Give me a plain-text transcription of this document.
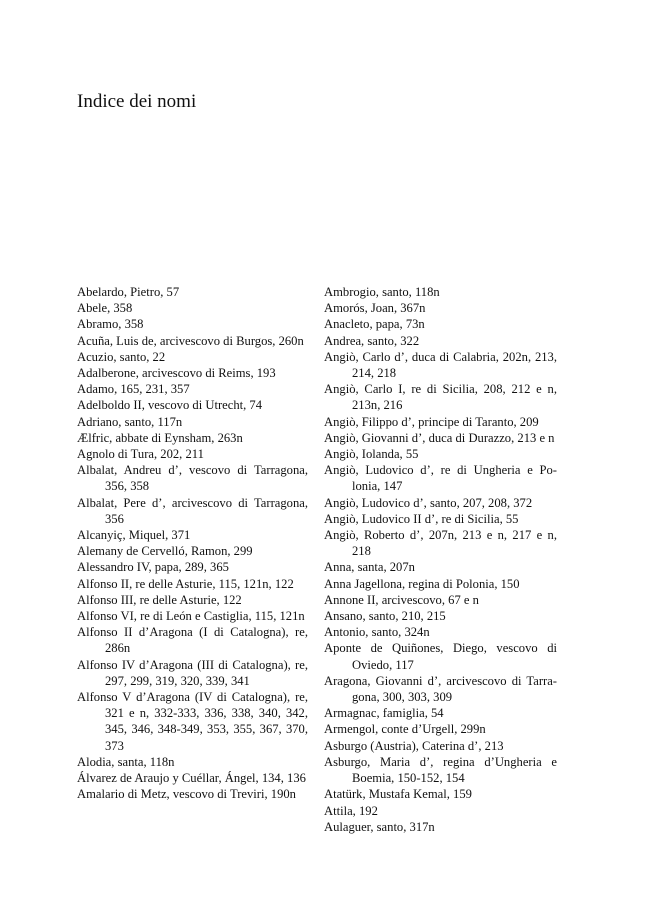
Indice dei nomi

Abelardo, Pietro, 57

Abele, 358

Abramo, 358

Acuña, Luis de, arcivescovo di Burgos, 260n

Acuzio, santo, 22

Adalberone, arcivescovo di Reims, 193

Adamo, 165, 231, 357

Adelboldo II, vescovo di Utrecht, 74

Adriano, santo, 117n

Ælfric, abbate di Eynsham, 263n

Agnolo di Tura, 202, 211

Albalat, Andreu d’, vescovo di Tarragona, 356, 358

Albalat, Pere d’, arcivescovo di Tarragona, 356

Alcanyiç, Miquel, 371

Alemany de Cervelló, Ramon, 299

Alessandro IV, papa, 289, 365

Alfonso II, re delle Asturie, 115, 121n, 122

Alfonso III, re delle Asturie, 122

Alfonso VI, re di León e Castiglia, 115, 121n

Alfonso II d’Aragona (I di Catalogna), re, 286n

Alfonso IV d’Aragona (III di Catalogna), re, 297, 299, 319, 320, 339, 341

Alfonso V d’Aragona (IV di Catalogna), re, 321 e n, 332-333, 336, 338, 340, 342, 345, 346, 348-349, 353, 355, 367, 370, 373

Alodia, santa, 118n

Álvarez de Araujo y Cuéllar, Ángel, 134, 136

Amalario di Metz, vescovo di Treviri, 190n

Ambrogio, santo, 118n

Amorós, Joan, 367n

Anacleto, papa, 73n

Andrea, santo, 322

Angiò, Carlo d’, duca di Calabria, 202n, 213, 214, 218

Angiò, Carlo I, re di Sicilia, 208, 212 e n, 213n, 216

Angiò, Filippo d’, principe di Taranto, 209

Angiò, Giovanni d’, duca di Durazzo, 213 e n

Angiò, Iolanda, 55

Angiò, Ludovico d’, re di Ungheria e Po-lonia, 147

Angiò, Ludovico d’, santo, 207, 208, 372

Angiò, Ludovico II d’, re di Sicilia, 55

Angiò, Roberto d’, 207n, 213 e n, 217 e n, 218

Anna, santa, 207n

Anna Jagellona, regina di Polonia, 150

Annone II, arcivescovo, 67 e n

Ansano, santo, 210, 215

Antonio, santo, 324n

Aponte de Quiñones, Diego, vescovo di Oviedo, 117

Aragona, Giovanni d’, arcivescovo di Tarra-gona, 300, 303, 309

Armagnac, famiglia, 54

Armengol, conte d’Urgell, 299n

Asburgo (Austria), Caterina d’, 213

Asburgo, Maria d’, regina d’Ungheria e Boemia, 150-152, 154

Atatürk, Mustafa Kemal, 159

Attila, 192

Aulaguer, santo, 317n
